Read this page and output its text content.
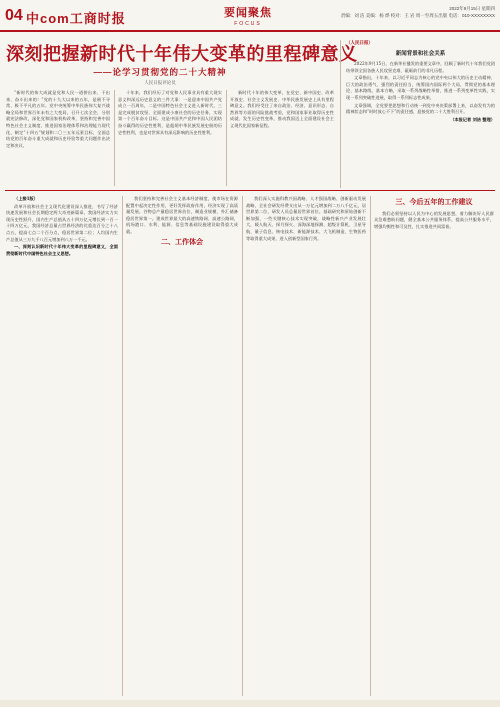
04 中com工商时报	要闻聚焦
FOCUS
2022年9月15日 星期四
责编：刘 洁 美编：杨 烨 校对：王 岩 周一至周五出版 电话：010-XXXXXXXX
深刻把握新时代十年伟大变革的里程碑意义
——论学习贯彻党的二十大精神
人民日报评论员

“新时代的伟大成就是党和人民一道拼出来、干出来、奋斗出来的！”党的十九大以来的五年，是极不寻常、极不平凡的五年。党中央统筹中华民族伟大复兴战略全局和世界百年未有之大变局，召开七次全会，分别就宪法修改，深化党和国家机构改革，坚持和完善中国特色社会主义制度、推进国家治理体系和治理能力现代化，制定“十四五”规划和二〇三五年远景目标，全面总结党的百年奋斗重大成就和历史经验等重大问题作出决定和决议。

十年来，我们经历了对党和人民事业具有重大现实意义和深远历史意义的三件大事：一是迎来中国共产党成立一百周年，二是中国特色社会主义进入新时代，三是完成脱贫攻坚、全面建成小康社会的历史任务，实现第一个百年奋斗目标。这是中国共产党和中国人民团结奋斗赢得的历史性胜利，是彪炳中华民族发展史册的历史性胜利，也是对世界具有深远影响的历史性胜利。

新时代十年的伟大变革，在党史、新中国史、改革开放史、社会主义发展史、中华民族发展史上具有里程碑意义。我们经受住了来自政治、经济、意识形态、自然界等方面的风险挑战考验，党和国家事业取得历史性成就、发生历史性变革，推动我国迈上全面建设社会主义现代化国家新征程。

（人民日报）
新闻背景和社会关系

2022年9月15日，在新华社播发的重要文章中，回顾了新时代十年我们党团结带领全国各族人民攻坚克难、砥砺前行的非凡历程。

文章指出，十年来，以习近平同志为核心的党中央以伟大的历史主动精神、巨大的政治勇气、强烈的责任担当，统筹国内国际两个大局，贯彻党的基本理论、基本路线、基本方略，采取一系列战略性举措，推进一系列变革性实践，实现一系列突破性进展，取得一系列标志性成果。

文章强调，全党要把思想和行动统一到党中央决策部署上来，以奋发有为的精神状态和“时时放心不下”的责任感，迎接党的二十大胜利召开。

（本报记者 刘洁 整理）

（上接1版）

改革开放和社会主义现代化建设深入推进，书写了经济快速发展和社会长期稳定两大奇迹新篇章。我国经济实力实现历史性跃升，国内生产总值从五十四万亿元增长到一百一十四万亿元，我国经济总量占世界经济的比重达百分之十八点五，提高七点二个百分点，稳居世界第二位；人均国内生产总值从三万九千八百元增加到八万一千元。

一、深刻认识新时代十年伟大变革的里程碑意义，全面贯彻新时代中国特色社会主义思想。

我们坚持和完善社会主义基本经济制度，使市场在资源配置中起决定性作用，更好发挥政府作用，经济实现了高质量发展。谷物总产量稳居世界首位，制造业规模、外汇储备稳居世界第一。建成世界最大的高速铁路网、高速公路网，机场港口、水利、能源、信息等基础设施建设取得重大成就。

二、工作体会

我们深入实施科教兴国战略、人才强国战略、创新驱动发展战略，全社会研发经费支出从一万亿元增加到二万八千亿元，居世界第二位，研发人员总量居世界首位。基础研究和原始创新不断加强，一些关键核心技术实现突破，战略性新兴产业发展壮大，载人航天、探月探火、深海深地探测、超级计算机、卫星导航、量子信息、核电技术、新能源技术、大飞机制造、生物医药等取得重大成果，进入创新型国家行列。

三、今后五年的工作建议

我们必须坚持以人民为中心的发展思想，着力解决好人民群众急难愁盼问题，健全基本公共服务体系，提高公共服务水平，增强均衡性和可及性，扎实推进共同富裕。
